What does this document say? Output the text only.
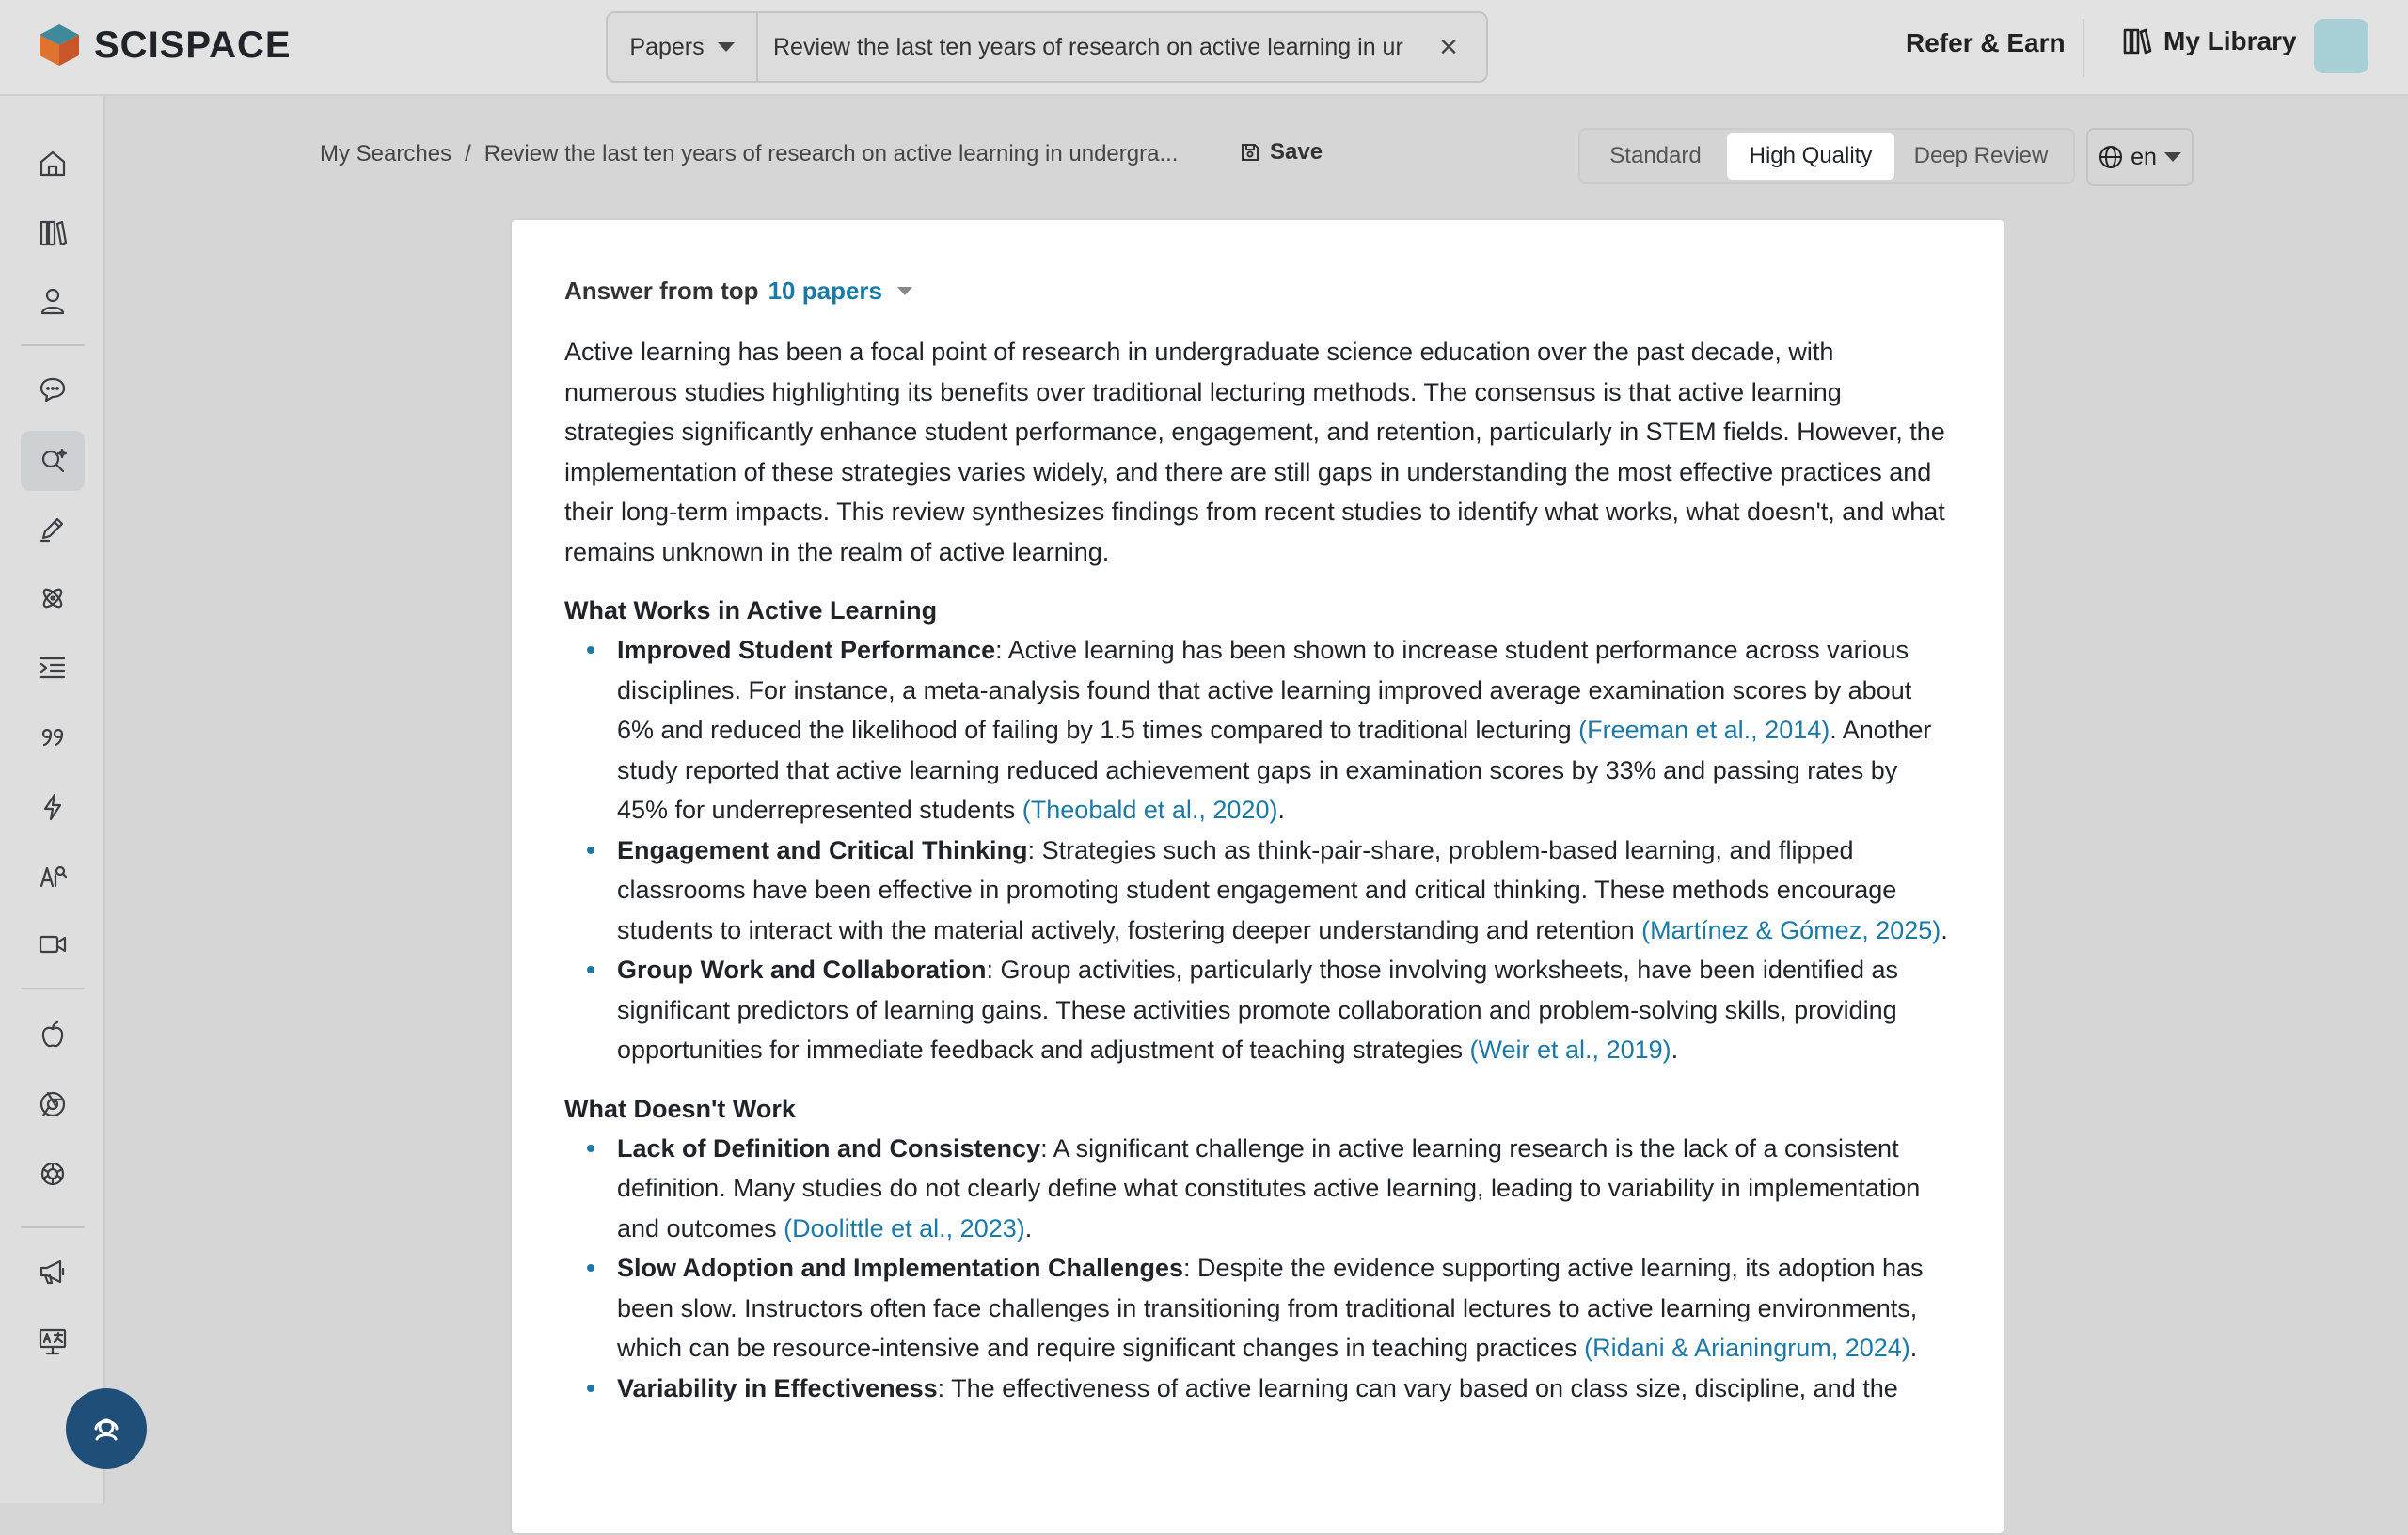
SCISPACE	Papers
Review the last ten years of research on active learning in ur	×	Refer & Earn	My Library
My Searches / Review the last ten years of research on active learning in undergra...	Save	Standard	High Quality	Deep Review	en
Answer from top 10 papers

Active learning has been a focal point of research in undergraduate science education over the past decade, with numerous studies highlighting its benefits over traditional lecturing methods. The consensus is that active learning strategies significantly enhance student performance, engagement, and retention, particularly in STEM fields. However, the implementation of these strategies varies widely, and there are still gaps in understanding the most effective practices and their long-term impacts. This review synthesizes findings from recent studies to identify what works, what doesn't, and what remains unknown in the realm of active learning.

What Works in Active Learning
Improved Student Performance: Active learning has been shown to increase student performance across various disciplines. For instance, a meta-analysis found that active learning improved average examination scores by about 6% and reduced the likelihood of failing by 1.5 times compared to traditional lecturing (Freeman et al., 2014). Another study reported that active learning reduced achievement gaps in examination scores by 33% and passing rates by 45% for underrepresented students (Theobald et al., 2020).
Engagement and Critical Thinking: Strategies such as think-pair-share, problem-based learning, and flipped classrooms have been effective in promoting student engagement and critical thinking. These methods encourage students to interact with the material actively, fostering deeper understanding and retention (Martínez & Gómez, 2025).
Group Work and Collaboration: Group activities, particularly those involving worksheets, have been identified as significant predictors of learning gains. These activities promote collaboration and problem-solving skills, providing opportunities for immediate feedback and adjustment of teaching strategies (Weir et al., 2019).
What Doesn't Work
Lack of Definition and Consistency: A significant challenge in active learning research is the lack of a consistent definition. Many studies do not clearly define what constitutes active learning, leading to variability in implementation and outcomes (Doolittle et al., 2023).
Slow Adoption and Implementation Challenges: Despite the evidence supporting active learning, its adoption has been slow. Instructors often face challenges in transitioning from traditional lectures to active learning environments, which can be resource-intensive and require significant changes in teaching practices (Ridani & Arianingrum, 2024).
Variability in Effectiveness: The effectiveness of active learning can vary based on class size, discipline, and the
